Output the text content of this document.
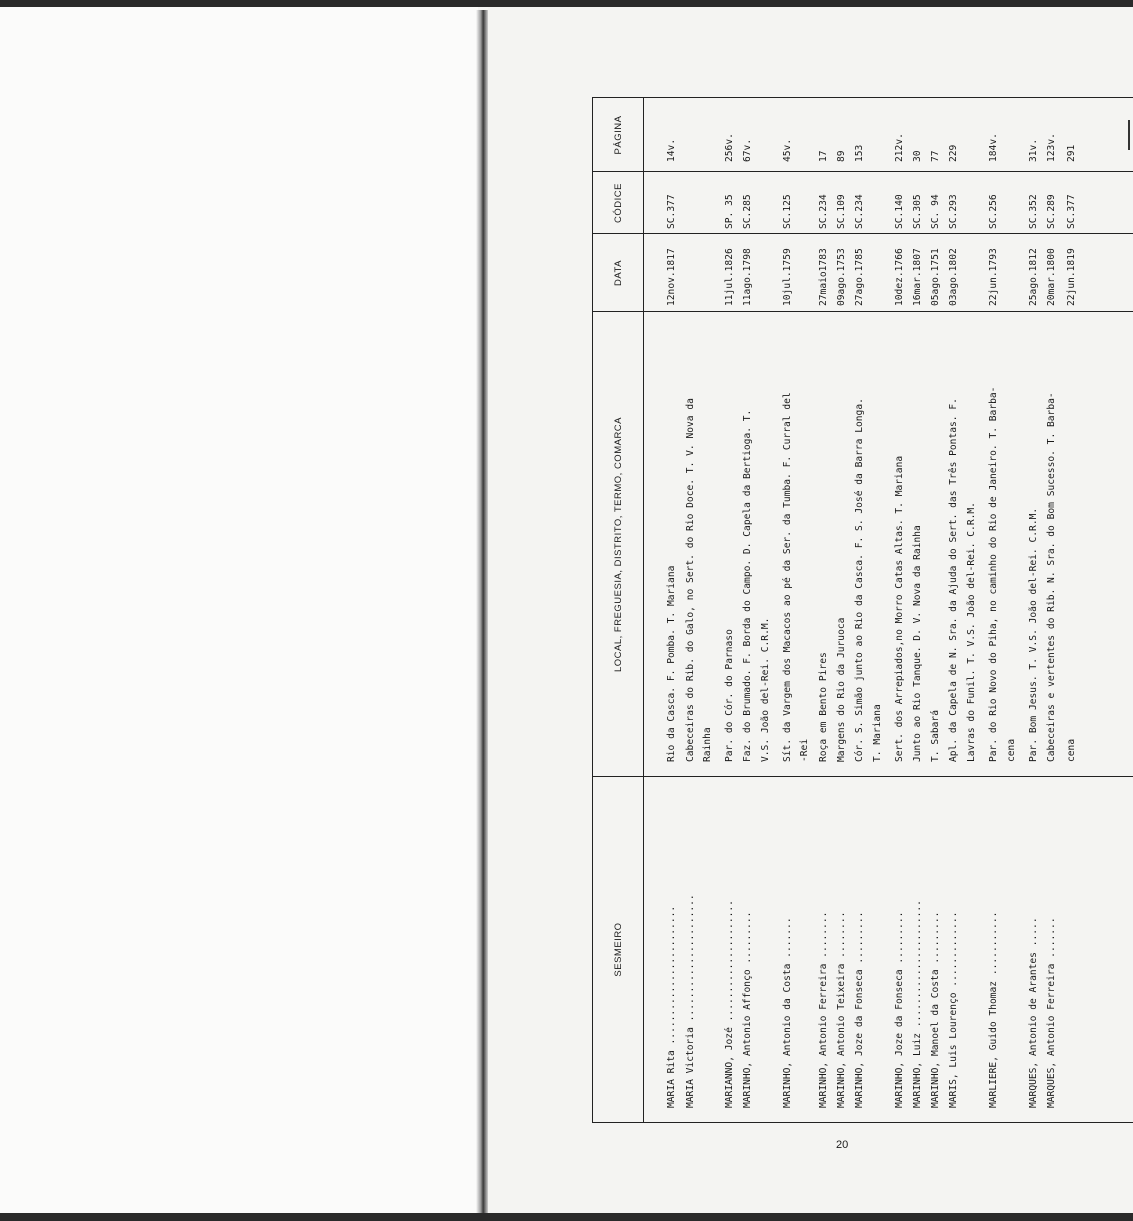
20
SESMEIRO
LOCAL, FREGUESIA, DISTRITO, TERMO, COMARCA
DATA
CÓDICE
PÁGINA
MARIA Rita ........................
Rio da Casca. F. Pomba. T. Mariana
12nov.1817
SC.377
14v.
MARIA Victoria ......................
Cabeceiras do Rib. do Galo, no Sert. do Rio Doce. T. V. Nova da Rainha
MARIANNO, Jozé .....................
Par. do Cór. do Parnaso
11jul.1826
SP. 35
256v.
MARINHO, Antonio Affonço .........
Faz. do Brumado. F. Borda do Campo. D. Capela da Bertioga. T.
11ago.1798
SC.285
67v.
V.S. João del-Rei. C.R.M.
MARINHO, Antonio da Costa .......
Sít. da Vargem dos Macacos ao pé da Ser. da Tumba. F. Curral del
10jul.1759
SC.125
45v.
-Rei
MARINHO, Antonio Ferreira ........
Roça em Bento Pires
27maio1783
SC.234
17
MARINHO, Antonio Teixeira ........
Margens do Rio da Juruoca
09ago.1753
SC.109
89
MARINHO, Joze da Fonseca .........
Cór. S. Simão junto ao Rio da Casca. F. S. José da Barra Longa.
27ago.1785
SC.234
153
T. Mariana
MARINHO, Joze da Fonseca .........
Sert. dos Arrepiados,no Morro Catas Altas. T. Mariana
10dez.1766
SC.140
212v.
MARINHO, Luiz ......................
Junto ao Rio Tanque. D. V. Nova da Rainha
16mar.1807
SC.305
30
MARINHO, Manoel da Costa .........
T. Sabará
05ago.1751
SC. 94
77
MARIS, Luis Lourenço .............
Apl. da Capela de N. Sra. da Ajuda do Sert. das Três Pontas. F.
03ago.1802
SC.293
229
Lavras do Funil. T. V.S. João del-Rei. C.R.M.
MARLIERE, Guido Thomaz ...........
Par. do Rio Novo do Piha, no caminho do Rio de Janeiro. T. Barba-
22jun.1793
SC.256
184v.
cena
MARQUES, Antonio de Arantes .....
Par. Bom Jesus. T. V.S. João del-Rei. C.R.M.
25ago.1812
SC.352
31v.
MARQUES, Antonio Ferreira .......
Cabeceiras e vertentes do Rib. N. Sra. do Bom Sucesso. T. Barba-
20mar.1800
SC.289
123v.
cena
22jun.1819
SC.377
291
